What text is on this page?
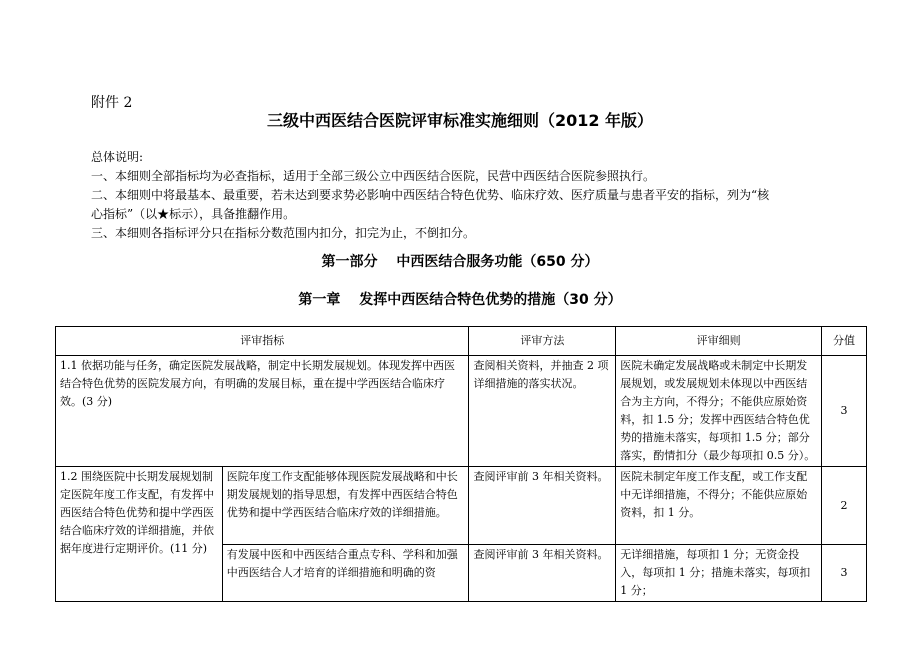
附件 2
三级中西医结合医院评审标准实施细则（2012 年版）
总体说明:
一、本细则全部指标均为必查指标，适用于全部三级公立中西医结合医院，民营中西医结合医院参照执行。
二、本细则中将最基本、最重要，若未达到要求势必影响中西医结合特色优势、临床疗效、医疗质量与患者平安的指标，列为“核
心指标”（以★标示），具备推翻作用。
三、本细则各指标评分只在指标分数范围内扣分，扣完为止，不倒扣分。
第一部分　 中西医结合服务功能（650 分）
第一章　 发挥中西医结合特色优势的措施（30 分）
评审指标		评审方法	评审细则	分值
1.1 依据功能与任务，确定医院发展战略，制定中长期发展规划。体现发挥中西医结合特色优势的医院发展方向，有明确的发展目标，重在提中学西医结合临床疗效。(3 分)		查阅相关资料，并抽查 2 项详细措施的落实状况。	医院未确定发展战略或未制定中长期发展规划，或发展规划未体现以中西医结合为主方向，不得分；不能供应原始资料，扣 1.5 分；发挥中西医结合特色优势的措施未落实，每项扣 1.5 分；部分落实，酌情扣分（最少每项扣 0.5 分）。	3
1.2 围绕医院中长期发展规划制定医院年度工作支配，有发挥中西医结合特色优势和提中学西医结合临床疗效的详细措施，并依据年度进行定期评价。(11 分)	医院年度工作支配能够体现医院发展战略和中长期发展规划的指导思想，有发挥中西医结合特色优势和提中学西医结合临床疗效的详细措施。	查阅评审前 3 年相关资料。	医院未制定年度工作支配，或工作支配中无详细措施，不得分；不能供应原始资料，扣 1 分。	2
	有发展中医和中西医结合重点专科、学科和加强中西医结合人才培育的详细措施和明确的资	查阅评审前 3 年相关资料。	无详细措施，每项扣 1 分；无资金投入，每项扣 1 分；措施未落实，每项扣 1 分；	3
